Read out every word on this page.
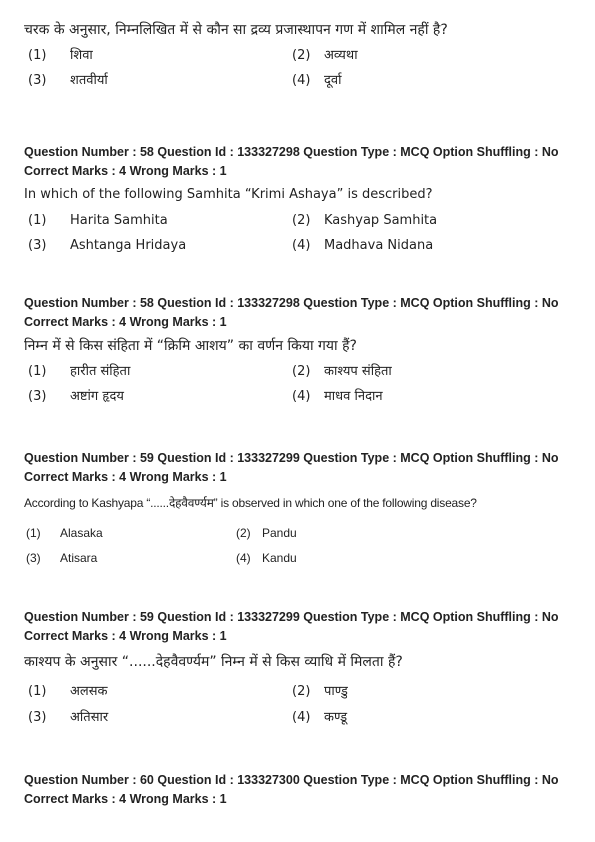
चरक के अनुसार, निम्नलिखित में से कौन सा द्रव्य प्रजास्थापन गण में शामिल नहीं है?
(1) शिवा	(2) अव्यथा
(3) शतवीर्या	(4) दूर्वा
Question Number : 58 Question Id : 133327298 Question Type : MCQ Option Shuffling : No
Correct Marks : 4 Wrong Marks : 1
In which of the following Samhita “Krimi Ashaya” is described?
(1) Harita Samhita	(2) Kashyap Samhita
(3) Ashtanga Hridaya	(4) Madhava Nidana
Question Number : 58 Question Id : 133327298 Question Type : MCQ Option Shuffling : No
Correct Marks : 4 Wrong Marks : 1
निम्न में से किस संहिता में “क्रिमि आशय” का वर्णन किया गया हैं?
(1) हारीत संहिता	(2) काश्यप संहिता
(3) अष्टांग हृदय	(4) माधव निदान
Question Number : 59 Question Id : 133327299 Question Type : MCQ Option Shuffling : No
Correct Marks : 4 Wrong Marks : 1
According to Kashyapa “......देहवैवर्ण्यम” is observed in which one of the following disease?
(1) Alasaka	(2) Pandu
(3) Atisara	(4) Kandu
Question Number : 59 Question Id : 133327299 Question Type : MCQ Option Shuffling : No
Correct Marks : 4 Wrong Marks : 1
काश्यप के अनुसार “......देहवैवर्ण्यम” निम्न में से किस व्याधि में मिलता हैं?
(1) अलसक	(2) पाण्डु
(3) अतिसार	(4) कण्डू
Question Number : 60 Question Id : 133327300 Question Type : MCQ Option Shuffling : No
Correct Marks : 4 Wrong Marks : 1
